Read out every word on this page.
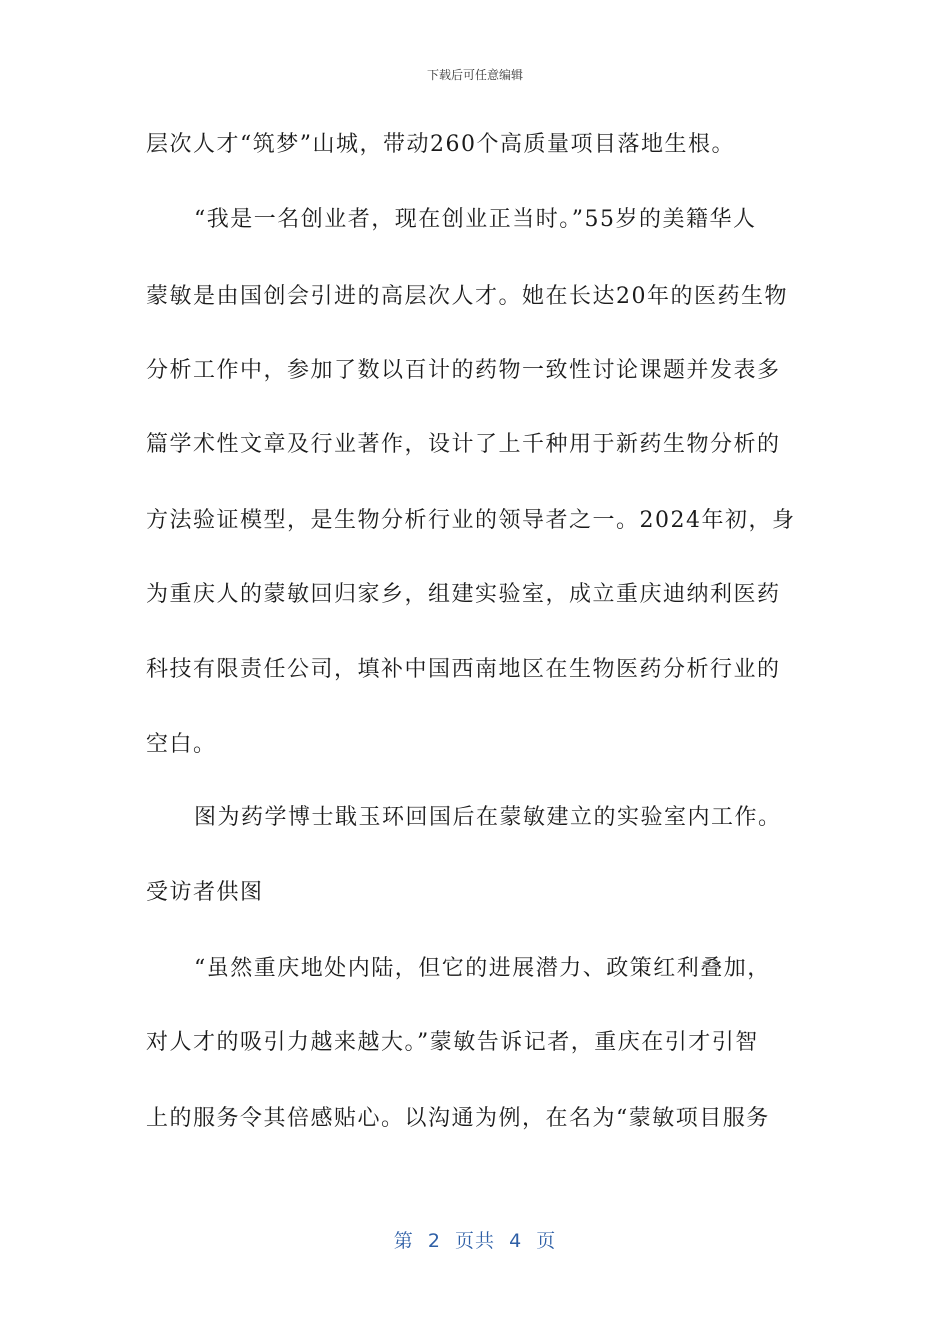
下载后可任意编辑
层次人才“筑梦”山城，带动260个高质量项目落地生根。
“我是一名创业者，现在创业正当时。”55岁的美籍华人
蒙敏是由国创会引进的高层次人才。她在长达20年的医药生物
分析工作中，参加了数以百计的药物一致性讨论课题并发表多
篇学术性文章及行业著作，设计了上千种用于新药生物分析的
方法验证模型，是生物分析行业的领导者之一。2024年初，身
为重庆人的蒙敏回归家乡，组建实验室，成立重庆迪纳利医药
科技有限责任公司，填补中国西南地区在生物医药分析行业的
空白。
图为药学博士戢玉环回国后在蒙敏建立的实验室内工作。
受访者供图
“虽然重庆地处内陆，但它的进展潜力、政策红利叠加，
对人才的吸引力越来越大。”蒙敏告诉记者，重庆在引才引智
上的服务令其倍感贴心。以沟通为例，在名为“蒙敏项目服务
第  2  页共  4  页
